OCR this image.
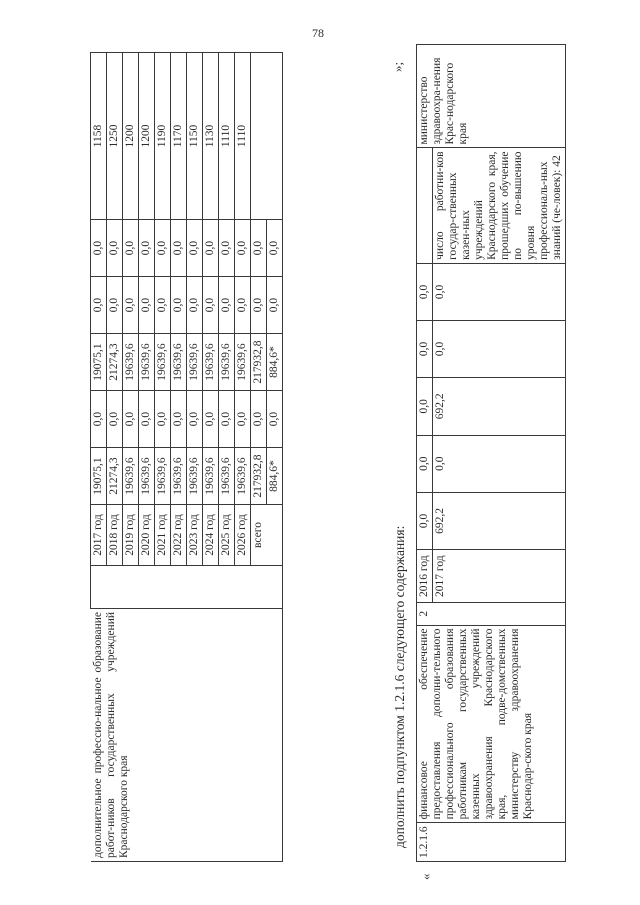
78
дополнительное профессио-нальное образование работ-ников государственных учреждений Краснодарского края		2017 год	19075,1	0,0	19075,1	0,0	0,0	1158
		2018 год	21274,3	0,0	21274,3	0,0	0,0	1250
		2019 год	19639,6	0,0	19639,6	0,0	0,0	1200
		2020 год	19639,6	0,0	19639,6	0,0	0,0	1200
		2021 год	19639,6	0,0	19639,6	0,0	0,0	1190
		2022 год	19639,6	0,0	19639,6	0,0	0,0	1170
		2023 год	19639,6	0,0	19639,6	0,0	0,0	1150
		2024 год	19639,6	0,0	19639,6	0,0	0,0	1130
		2025 год	19639,6	0,0	19639,6	0,0	0,0	1110
		2026 год	19639,6	0,0	19639,6	0,0	0,0	1110
		всего	217932,8	0,0	217932,8	0,0	0,0	
			884,6*	0,0	884,6*	0,0	0,0	
дополнить подпунктом 1.2.1.6 следующего содержания:
»;
«
1.2.1.6	финансовое обеспечение предоставления дополни-тельного профессионального образования работникам государственных казенных учреждений здравоохранения Краснодарского края, подве-домственных министерству здравоохранения Краснодар-ского края	2	2016 год	0,0	0,0	0,0	0,0	0,0		министерство здравоохра-нения Крас-нодарского края
			2017 год	692,2	0,0	692,2	0,0	0,0	число работни-ков государ-ственных казен-ных учреждений Краснодарского края, прошедших обучение по по-вышению уровня профессиональ-ных знаний (че-ловек): 42	
